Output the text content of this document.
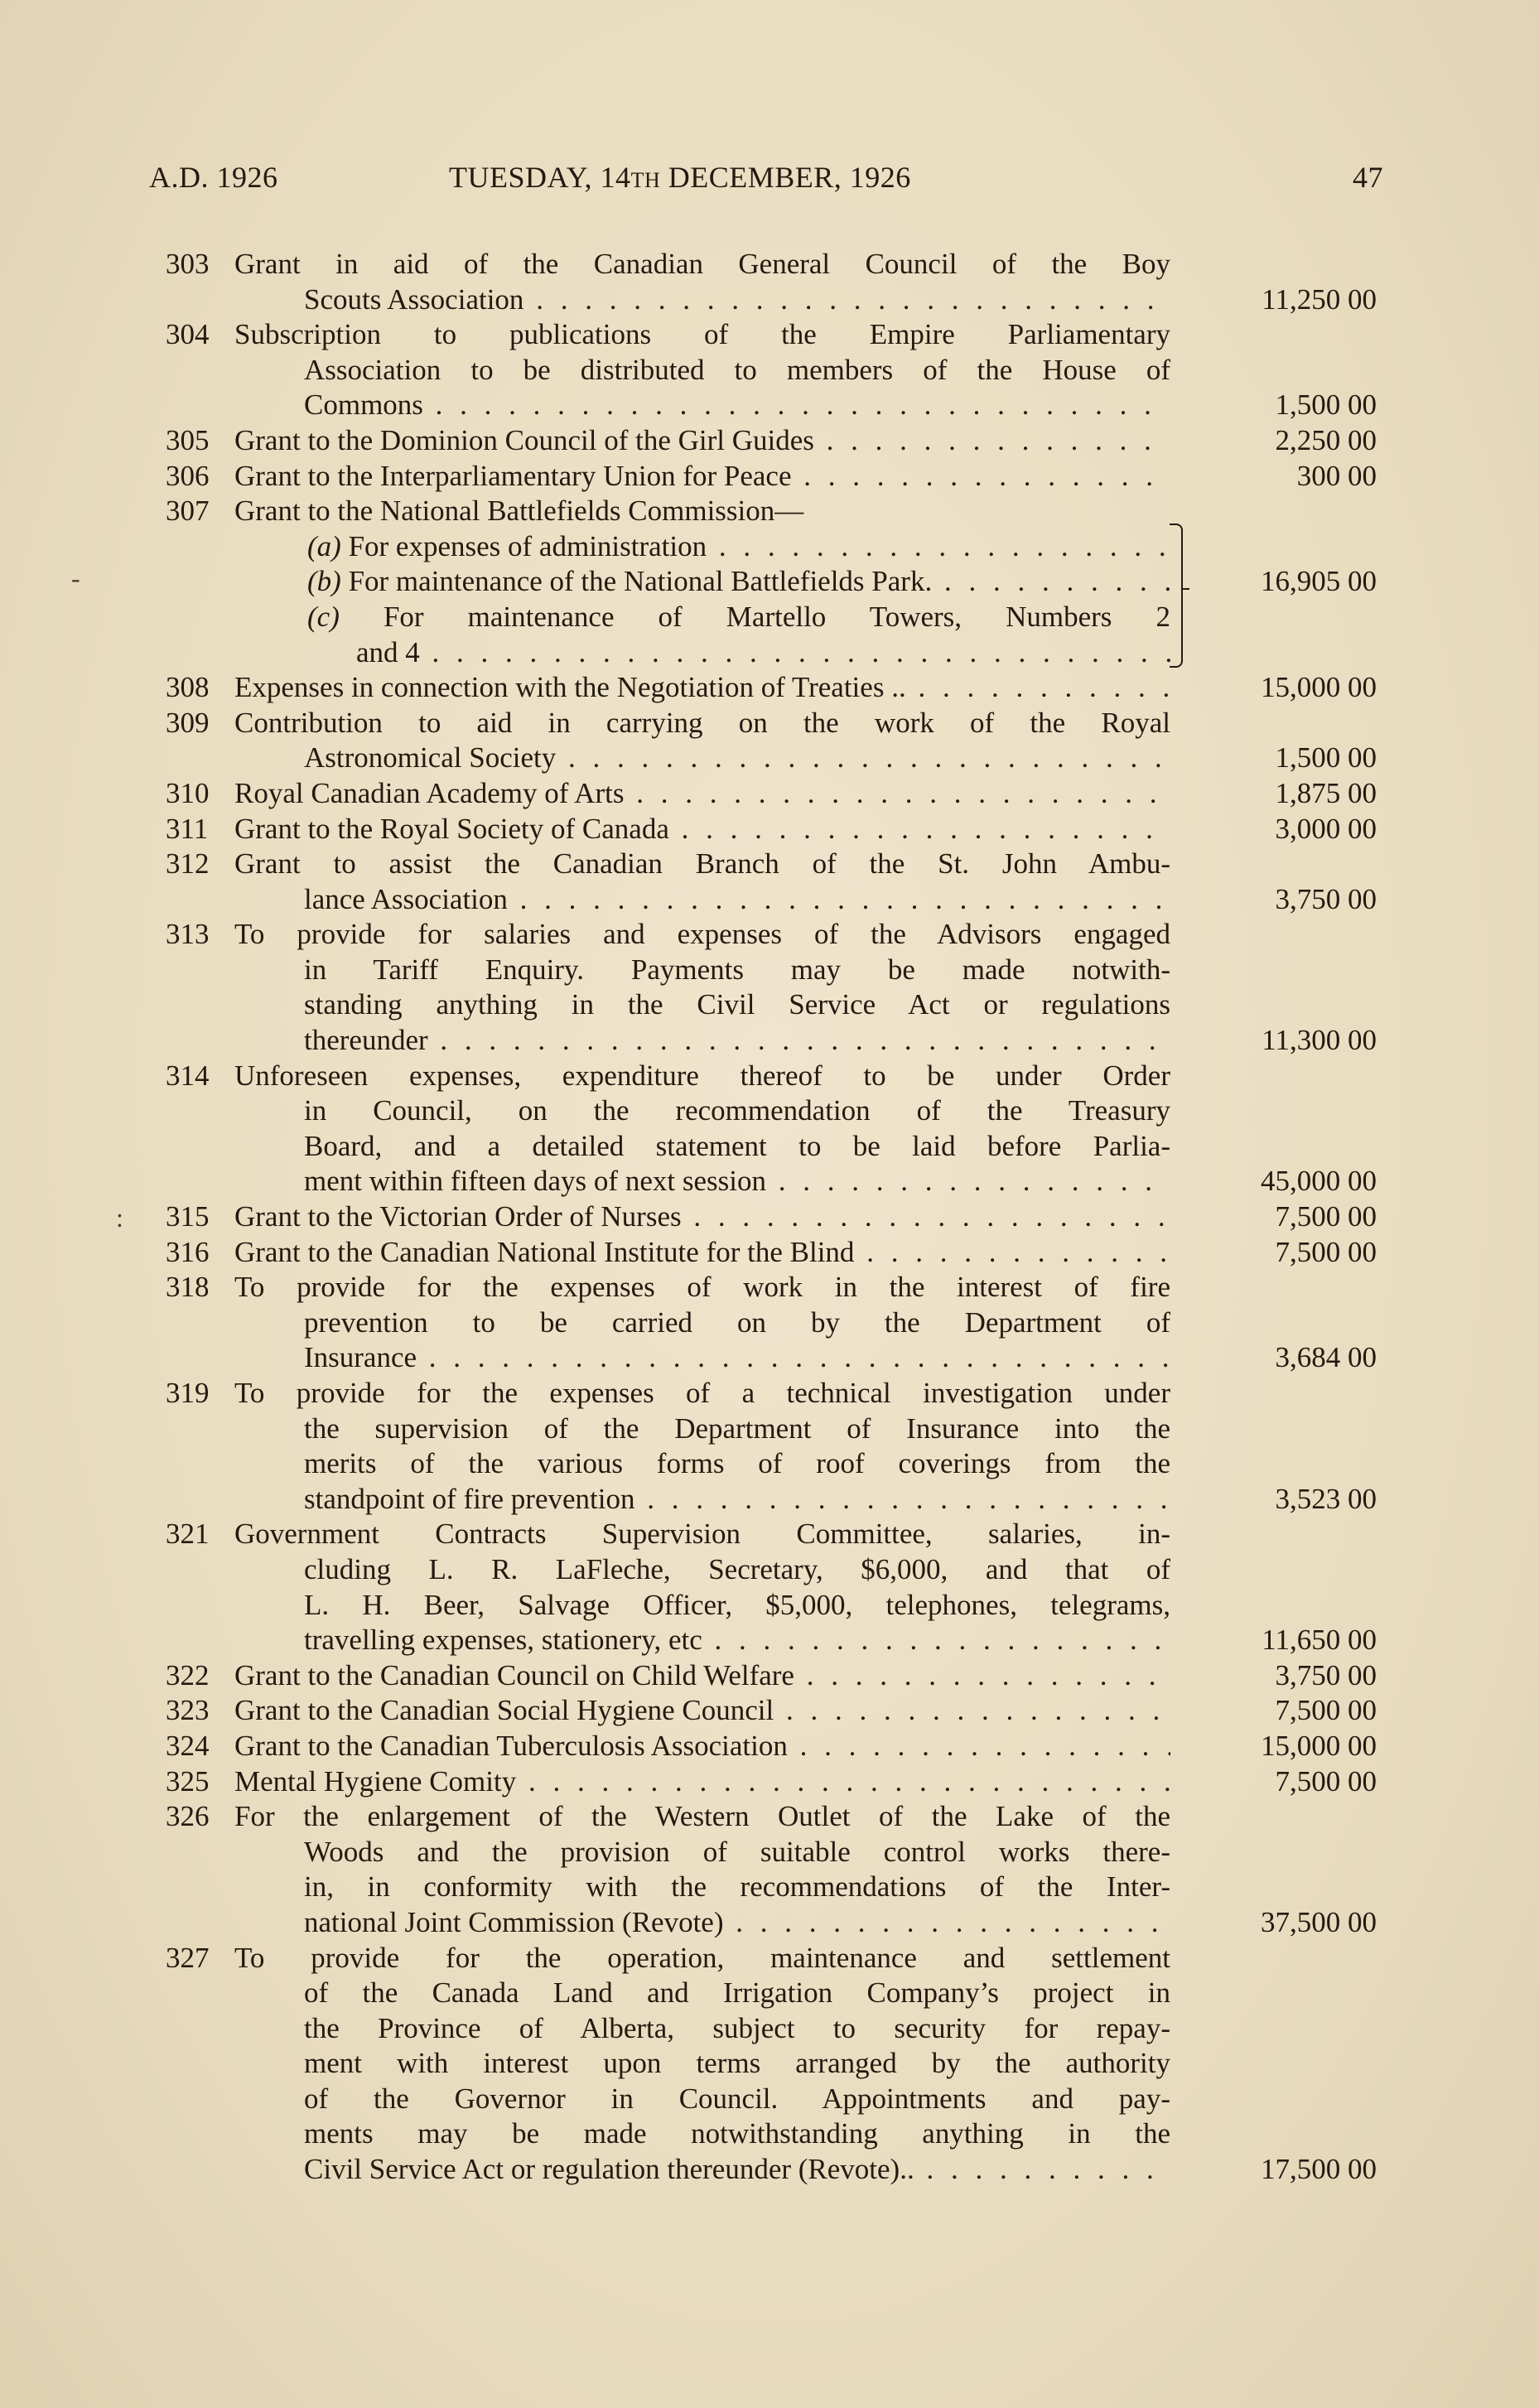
A.D. 1926	TUESDAY, 14TH DECEMBER, 1926	47
303 Grant in aid of the Canadian General Council of the Boy
Scouts Association . . .	11,250 00
304 Subscription to publications of the Empire Parliamentary
Association to be distributed to members of the House of
Commons . . .	1,500 00
305 Grant to the Dominion Council of the Girl Guides . . .	2,250 00
306 Grant to the Interparliamentary Union for Peace . . .	300 00
307 Grant to the National Battlefields Commission—
(a) For expenses of administration . . .
(b) For maintenance of the National Battlefields Park. . . .	16,905 00
(c) For maintenance of Martello Towers, Numbers 2
and 4 . . .
308 Expenses in connection with the Negotiation of Treaties .. . . .	15,000 00
309 Contribution to aid in carrying on the work of the Royal
Astronomical Society . . .	1,500 00
310 Royal Canadian Academy of Arts . . .	1,875 00
311 Grant to the Royal Society of Canada . . .	3,000 00
312 Grant to assist the Canadian Branch of the St. John Ambu-
lance Association . . .	3,750 00
313 To provide for salaries and expenses of the Advisors engaged
in Tariff Enquiry. Payments may be made notwith-
standing anything in the Civil Service Act or regulations
thereunder . . .	11,300 00
314 Unforeseen expenses, expenditure thereof to be under Order
in Council, on the recommendation of the Treasury
Board, and a detailed statement to be laid before Parlia-
ment within fifteen days of next session . . .	45,000 00
315 Grant to the Victorian Order of Nurses . . .	7,500 00
316 Grant to the Canadian National Institute for the Blind . . .	7,500 00
318 To provide for the expenses of work in the interest of fire
prevention to be carried on by the Department of
Insurance . . .	3,684 00
319 To provide for the expenses of a technical investigation under
the supervision of the Department of Insurance into the
merits of the various forms of roof coverings from the
standpoint of fire prevention . . .	3,523 00
321 Government Contracts Supervision Committee, salaries, in-
cluding L. R. LaFleche, Secretary, $6,000, and that of
L. H. Beer, Salvage Officer, $5,000, telephones, telegrams,
travelling expenses, stationery, etc . . .	11,650 00
322 Grant to the Canadian Council on Child Welfare . . .	3,750 00
323 Grant to the Canadian Social Hygiene Council . . .	7,500 00
324 Grant to the Canadian Tuberculosis Association . . .	15,000 00
325 Mental Hygiene Comity . . .	7,500 00
326 For the enlargement of the Western Outlet of the Lake of the
Woods and the provision of suitable control works there-
in, in conformity with the recommendations of the Inter-
national Joint Commission (Revote) . . .	37,500 00
327 To provide for the operation, maintenance and settlement
of the Canada Land and Irrigation Company’s project in
the Province of Alberta, subject to security for repay-
ment with interest upon terms arranged by the authority
of the Governor in Council. Appointments and pay-
ments may be made notwithstanding anything in the
Civil Service Act or regulation thereunder (Revote).. . . .	17,500 00
-
:
